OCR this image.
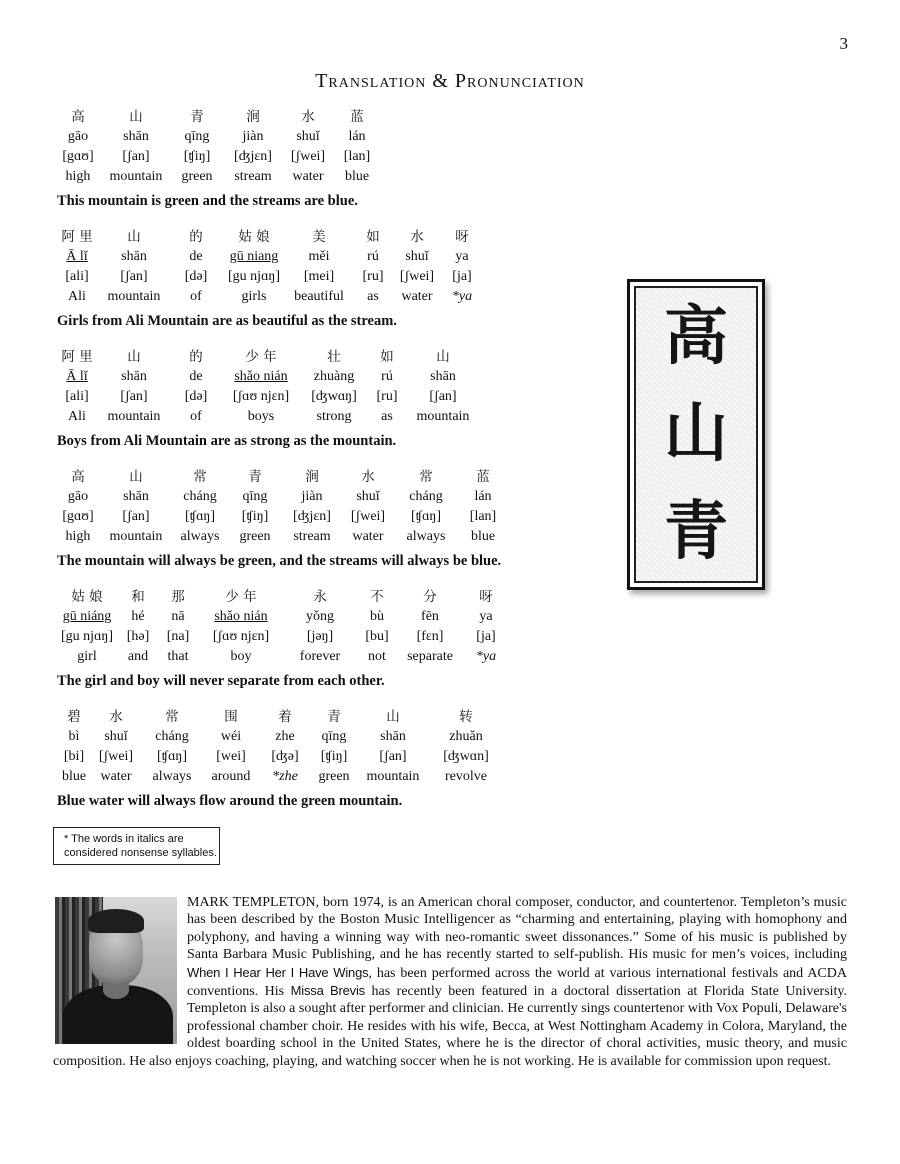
3
Translation & Pronunciation
高	山	青	涧	水	蓝
gāo	shān	qīng	jiàn	shuǐ	lán
[gɑʊ]	[ʃan]	[ʧiŋ]	[ʤjɛn]	[ʃwei]	[lan]
high	mountain	green	stream	water	blue
This mountain is green and the streams are blue.
阿 里	山	的	姑 娘	美	如	水	呀
Ā lǐ	shān	de	gū niang	měi	rú	shuǐ	ya
[ali]	[ʃan]	[də]	[gu njɑŋ]	[mei]	[ru]	[ʃwei]	[ja]
Ali	mountain	of	girls	beautiful	as	water	*ya
Girls from Ali Mountain are as beautiful as the stream.
阿 里	山	的	少 年	壮	如	山
Ā lǐ	shān	de	shǎo nián	zhuàng	rú	shān
[ali]	[ʃan]	[də]	[ʃɑʊ njɛn]	[ʤwɑŋ]	[ru]	[ʃan]
Ali	mountain	of	boys	strong	as	mountain
Boys from Ali Mountain are as strong as the mountain.
高	山	常	青	涧	水	常	蓝
gāo	shān	cháng	qīng	jiàn	shuǐ	cháng	lán
[gɑʊ]	[ʃan]	[ʧɑŋ]	[ʧiŋ]	[ʤjɛn]	[ʃwei]	[ʧɑŋ]	[lan]
high	mountain	always	green	stream	water	always	blue
The mountain will always be green, and the streams will always be blue.
姑 娘	和	那	少 年	永	不	分	呀
gū niáng	hé	nā	shǎo nián	yǒng	bù	fēn	ya
[gu njɑŋ] [hə]	[na]	[ʃɑʊ njɛn]	[jəŋ]	[bu]	[fɛn]	[ja]
girl	and	that	boy	forever	not	separate	*ya
The girl and boy will never separate from each other.
碧	水	常	围	着	青	山	转
bì	shuǐ	cháng	wéi	zhe	qīng	shān	zhuǎn
[bi]	[ʃwei]	[ʧɑŋ]	[wei]	[ʤə]	[ʧiŋ]	[ʃan]	[ʤwɑn]
blue	water	always	around	*zhe	green	mountain	revolve
Blue water will always flow around the green mountain.
* The words in italics are
considered nonsense syllables.
高
山
青

MARK TEMPLETON, born 1974, is an American choral composer, conductor, and countertenor. Templeton’s music has been described by the Boston Music Intelligencer as “charming and entertaining, playing with homophony and polyphony, and having a winning way with neo-romantic sweet dissonances.” Some of his music is published by Santa Barbara Music Publishing, and he has recently started to self-publish. His music for men’s voices, including When I Hear Her I Have Wings, has been performed across the world at various international festivals and ACDA conventions. His Missa Brevis has recently been featured in a doctoral dissertation at Florida State University. Templeton is also a sought after performer and clinician. He currently sings countertenor with Vox Populi, Delaware's professional chamber choir. He resides with his wife, Becca, at West Nottingham Academy in Colora, Maryland, the oldest boarding school in the United States, where he is the director of choral activities, music theory, and music composition. He also enjoys coaching, playing, and watching soccer when he is not working. He is available for commission upon request.
